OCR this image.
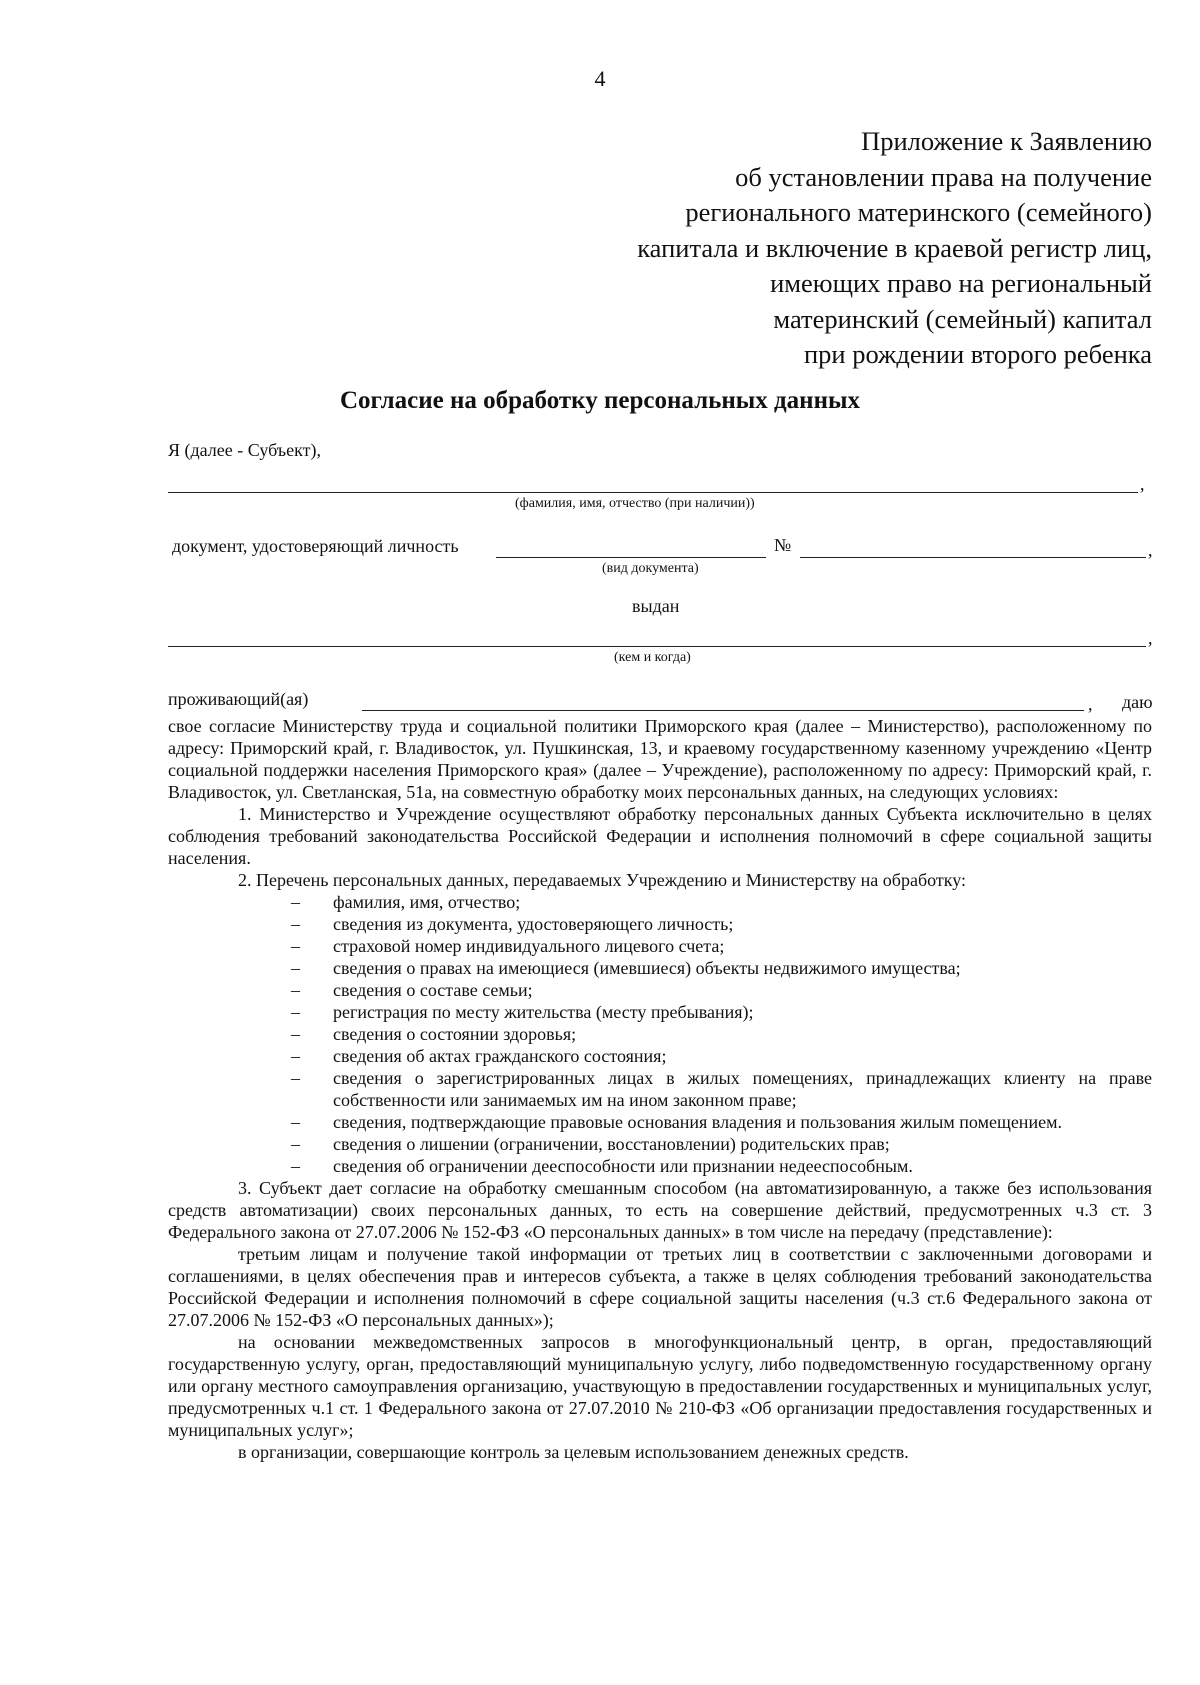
4
Приложение к Заявлению
об установлении права на получение
регионального материнского (семейного)
капитала и включение в краевой регистр лиц,
имеющих право на региональный
материнский (семейный) капитал
при рождении второго ребенка
Согласие на обработку персональных данных
Я (далее - Субъект),
,
(фамилия, имя, отчество (при наличии))
документ, удостоверяющий личность	№	,
(вид документа)
выдан
,
(кем и когда)
проживающий(ая)	, даю

свое согласие Министерству труда и социальной политики Приморского края (далее – Министерство), расположенному по адресу: Приморский край, г. Владивосток, ул. Пушкинская, 13, и краевому государственному казенному учреждению «Центр социальной поддержки населения Приморского края» (далее – Учреждение), расположенному по адресу: Приморский край, г. Владивосток, ул. Светланская, 51а, на совместную обработку моих персональных данных, на следующих условиях:

1. Министерство и Учреждение осуществляют обработку персональных данных Субъекта исключительно в целях соблюдения требований законодательства Российской Федерации и исполнения полномочий в сфере социальной защиты населения.

2. Перечень персональных данных, передаваемых Учреждению и Министерству на обработку:

– фамилия, имя, отчество;
– сведения из документа, удостоверяющего личность;
– страховой номер индивидуального лицевого счета;
– сведения о правах на имеющиеся (имевшиеся) объекты недвижимого имущества;
– сведения о составе семьи;
– регистрация по месту жительства (месту пребывания);
– сведения о состоянии здоровья;
– сведения об актах гражданского состояния;
– сведения о зарегистрированных лицах в жилых помещениях, принадлежащих клиенту на праве собственности или занимаемых им на ином законном праве;
– сведения, подтверждающие правовые основания владения и пользования жилым помещением.
– сведения о лишении (ограничении, восстановлении) родительских прав;
– сведения об ограничении дееспособности или признании недееспособным.

3. Субъект дает согласие на обработку смешанным способом (на автоматизированную, а также без использования средств автоматизации) своих персональных данных, то есть на совершение действий, предусмотренных ч.3 ст. 3 Федерального закона от 27.07.2006 № 152-ФЗ «О персональных данных» в том числе на передачу (представление):

третьим лицам и получение такой информации от третьих лиц в соответствии с заключенными договорами и соглашениями, в целях обеспечения прав и интересов субъекта, а также в целях соблюдения требований законодательства Российской Федерации и исполнения полномочий в сфере социальной защиты населения (ч.3 ст.6 Федерального закона от 27.07.2006 № 152-ФЗ «О персональных данных»);

на основании межведомственных запросов в многофункциональный центр, в орган, предоставляющий государственную услугу, орган, предоставляющий муниципальную услугу, либо подведомственную государственному органу или органу местного самоуправления организацию, участвующую в предоставлении государственных и муниципальных услуг, предусмотренных ч.1 ст. 1 Федерального закона от 27.07.2010 № 210-ФЗ «Об организации предоставления государственных и муниципальных услуг»;

в организации, совершающие контроль за целевым использованием денежных средств.
